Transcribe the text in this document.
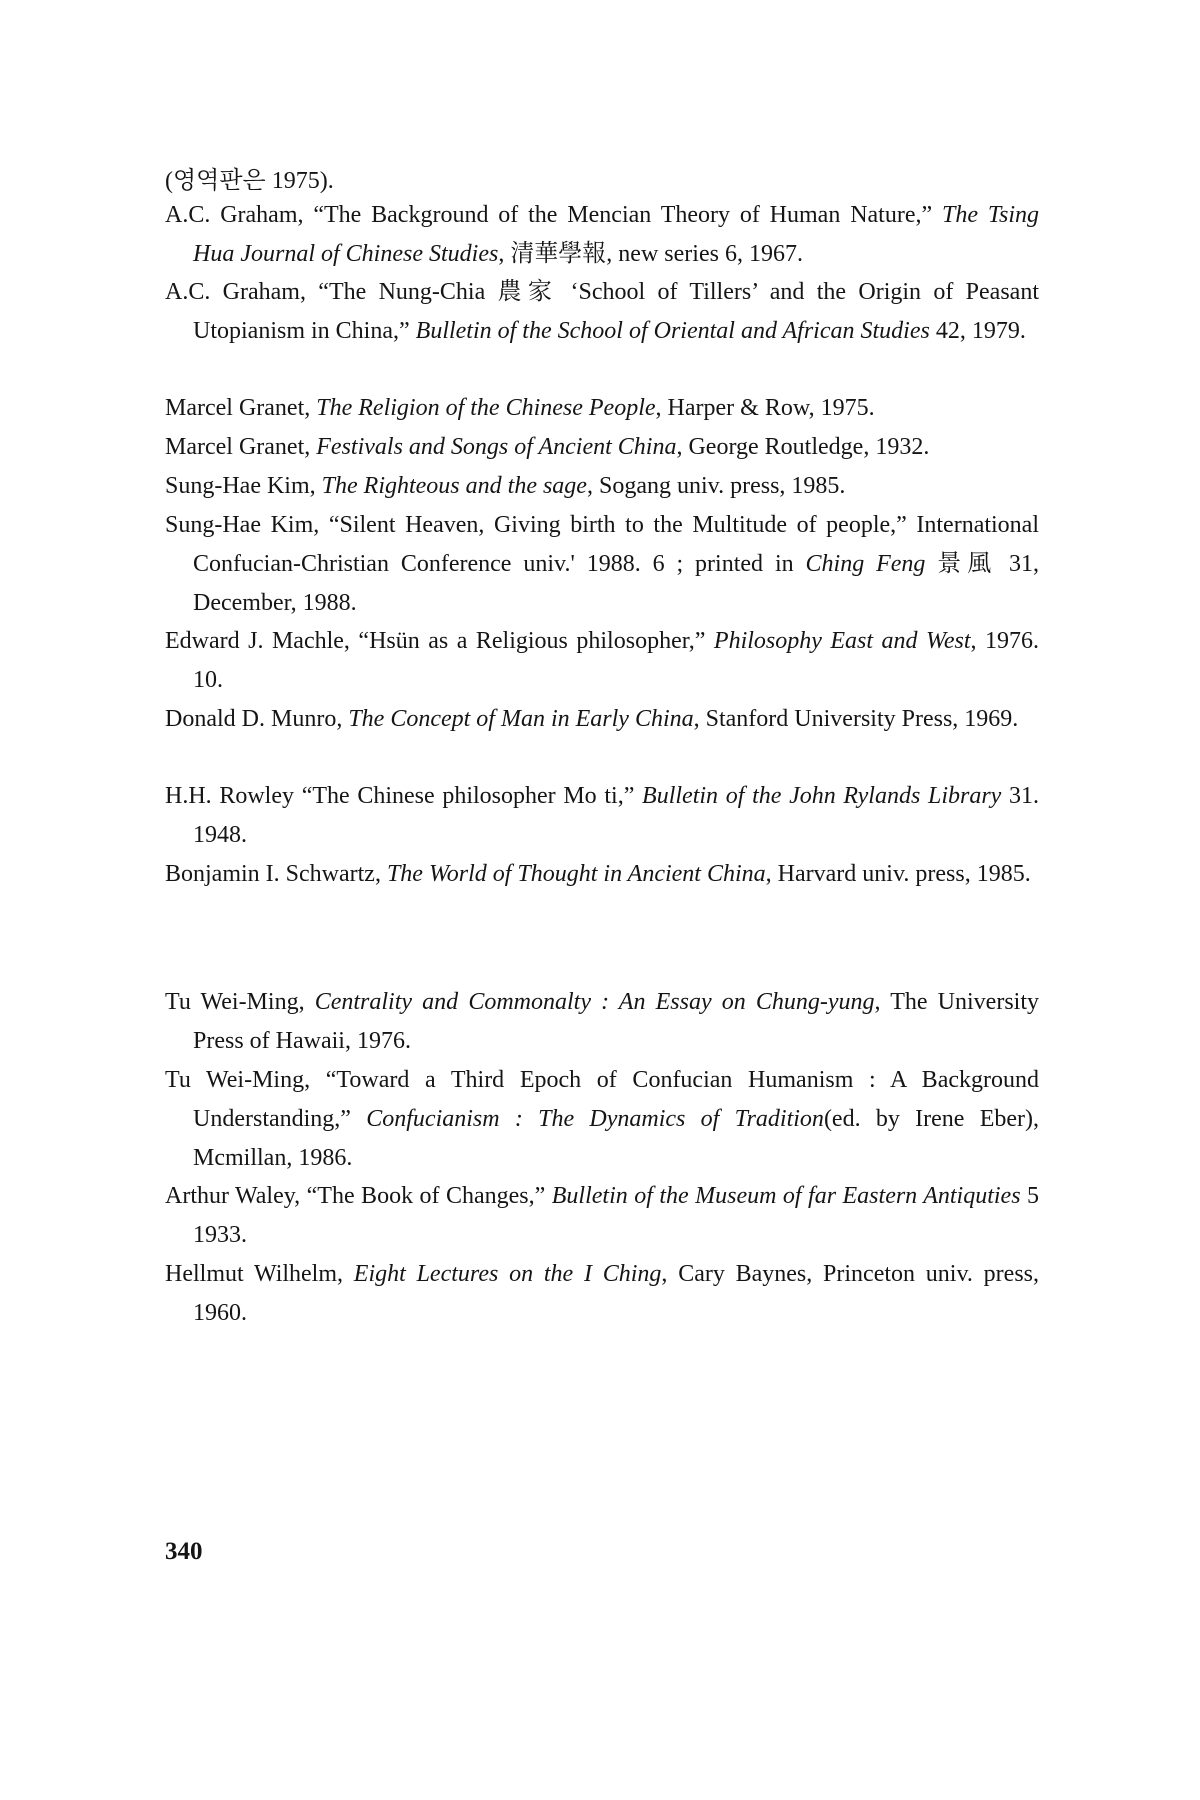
(영역판은 1975).

A.C. Graham, “The Background of the Mencian Theory of Human Nature,” The Tsing Hua Journal of Chinese Studies, 清華學報, new series 6, 1967.

A.C. Graham, “The Nung-Chia 農家 ‘School of Tillers’ and the Origin of Peasant Utopianism in China,” Bulletin of the School of Oriental and African Studies 42, 1979.

Marcel Granet, The Religion of the Chinese People, Harper & Row, 1975.

Marcel Granet, Festivals and Songs of Ancient China, George Routledge, 1932.

Sung-Hae Kim, The Righteous and the sage, Sogang univ. press, 1985.

Sung-Hae Kim, “Silent Heaven, Giving birth to the Multitude of people,” International Confucian-Christian Conference univ.' 1988. 6 ; printed in Ching Feng 景風 31, December, 1988.

Edward J. Machle, “Hsün as a Religious philosopher,” Philosophy East and West, 1976. 10.

Donald D. Munro, The Concept of Man in Early China, Stanford University Press, 1969.

H.H. Rowley “The Chinese philosopher Mo ti,” Bulletin of the John Rylands Library 31. 1948.

Bonjamin I. Schwartz, The World of Thought in Ancient China, Harvard univ. press, 1985.

Tu Wei-Ming, Centrality and Commonalty : An Essay on Chung-yung, The University Press of Hawaii, 1976.

Tu Wei-Ming, “Toward a Third Epoch of Confucian Humanism : A Background Understanding,” Confucianism : The Dynamics of Tradition(ed. by Irene Eber), Mcmillan, 1986.

Arthur Waley, “The Book of Changes,” Bulletin of the Museum of far Eastern Antiquties 5 1933.

Hellmut Wilhelm, Eight Lectures on the I Ching, Cary Baynes, Princeton univ. press, 1960.

340
